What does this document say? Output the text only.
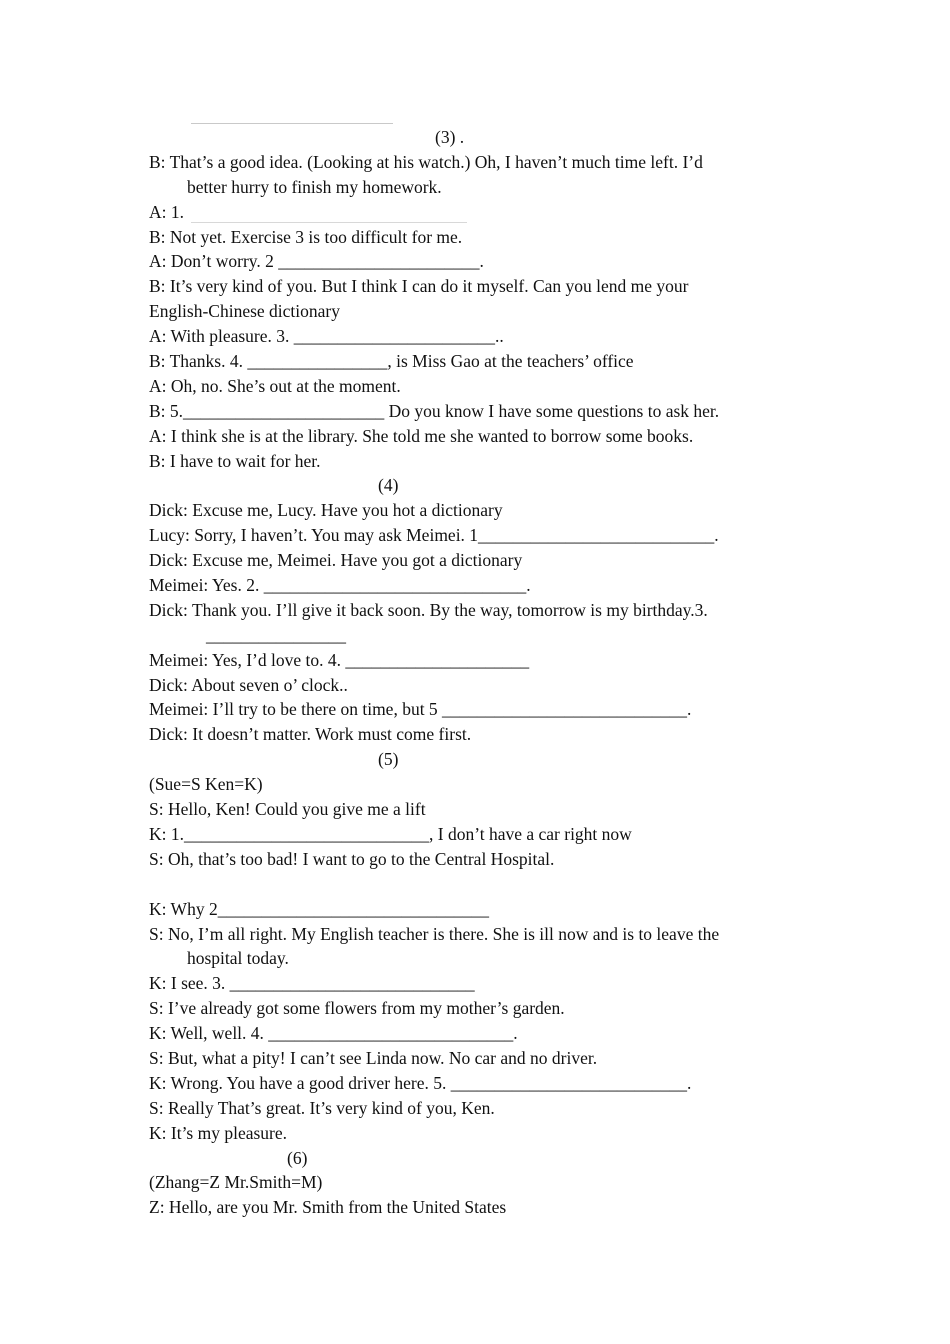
(3) .
B: That’s a good idea. (Looking at his watch.) Oh, I haven’t much time left. I’d
better hurry to finish my homework.
A: 1.
B: Not yet. Exercise 3 is too difficult for me.
A: Don’t worry. 2 _______________________.
B: It’s very kind of you. But I think I can do it myself. Can you lend me your
English-Chinese dictionary
A: With pleasure. 3. _______________________..
B: Thanks. 4. ________________, is Miss Gao at the teachers’ office
A: Oh, no. She’s out at the moment.
B: 5._______________________ Do you know I have some questions to ask her.
A: I think she is at the library. She told me she wanted to borrow some books.
B: I have to wait for her.
(4)
Dick: Excuse me, Lucy. Have you hot a dictionary
Lucy: Sorry, I haven’t. You may ask Meimei. 1___________________________.
Dick: Excuse me, Meimei. Have you got a dictionary
Meimei: Yes. 2. ______________________________.
Dick: Thank you. I’ll give it back soon. By the way, tomorrow is my birthday.3.
________________
Meimei: Yes, I’d love to. 4. _____________________
Dick: About seven o’ clock..
Meimei: I’ll try to be there on time, but 5 ____________________________.
Dick: It doesn’t matter. Work must come first.
(5)
(Sue=S Ken=K)
S: Hello, Ken! Could you give me a lift
K: 1.____________________________, I don’t have a car right now
S: Oh, that’s too bad! I want to go to the Central Hospital.
K: Why 2_______________________________
S: No, I’m all right. My English teacher is there. She is ill now and is to leave the
hospital today.
K: I see. 3. ____________________________
S: I’ve already got some flowers from my mother’s garden.
K: Well, well. 4. ____________________________.
S: But, what a pity! I can’t see Linda now. No car and no driver.
K: Wrong. You have a good driver here. 5. ___________________________.
S: Really That’s great. It’s very kind of you, Ken.
K: It’s my pleasure.
(6)
(Zhang=Z Mr.Smith=M)
Z: Hello, are you Mr. Smith from the United States
